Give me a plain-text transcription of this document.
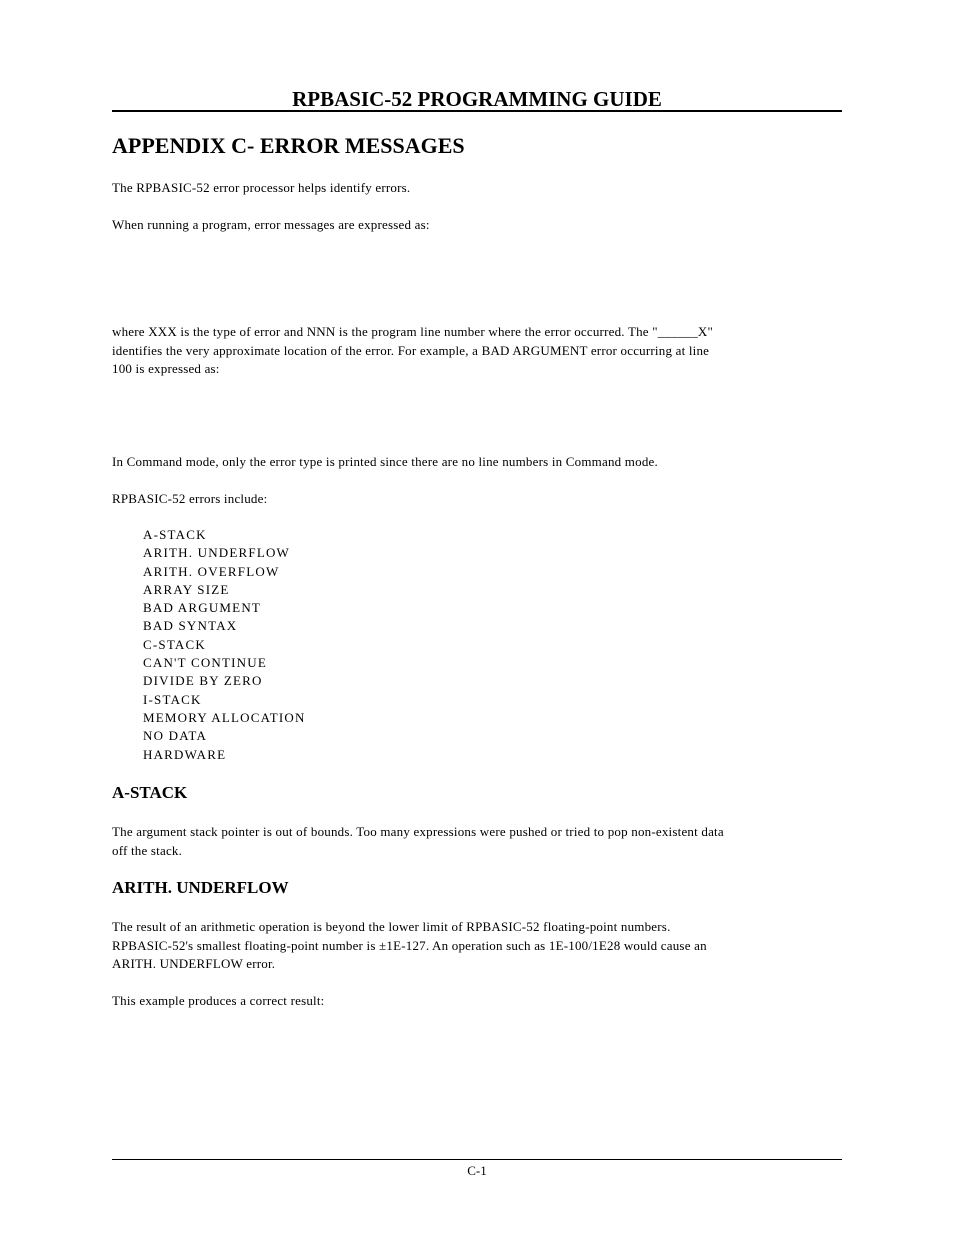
RPBASIC-52 PROGRAMMING GUIDE
APPENDIX C- ERROR MESSAGES

The RPBASIC-52 error processor helps identify errors.

When running a program, error messages are expressed as:

where XXX is the type of error and NNN is the program line number where the error occurred. The "______X"
identifies the very approximate location of the error. For example, a BAD ARGUMENT error occurring at line
100 is expressed as:

In Command mode, only the error type is printed since there are no line numbers in Command mode.

RPBASIC-52 errors include:

A-STACK
ARITH. UNDERFLOW
ARITH. OVERFLOW
ARRAY SIZE
BAD ARGUMENT
BAD SYNTAX
C-STACK
CAN'T CONTINUE
DIVIDE BY ZERO
I-STACK
MEMORY ALLOCATION
NO DATA
HARDWARE
A-STACK
The argument stack pointer is out of bounds. Too many expressions were pushed or tried to pop non-existent data
off the stack.
ARITH. UNDERFLOW
The result of an arithmetic operation is beyond the lower limit of RPBASIC-52 floating-point numbers.
RPBASIC-52's smallest floating-point number is ±1E-127. An operation such as 1E-100/1E28 would cause an
ARITH. UNDERFLOW error.

This example produces a correct result:

C-1
